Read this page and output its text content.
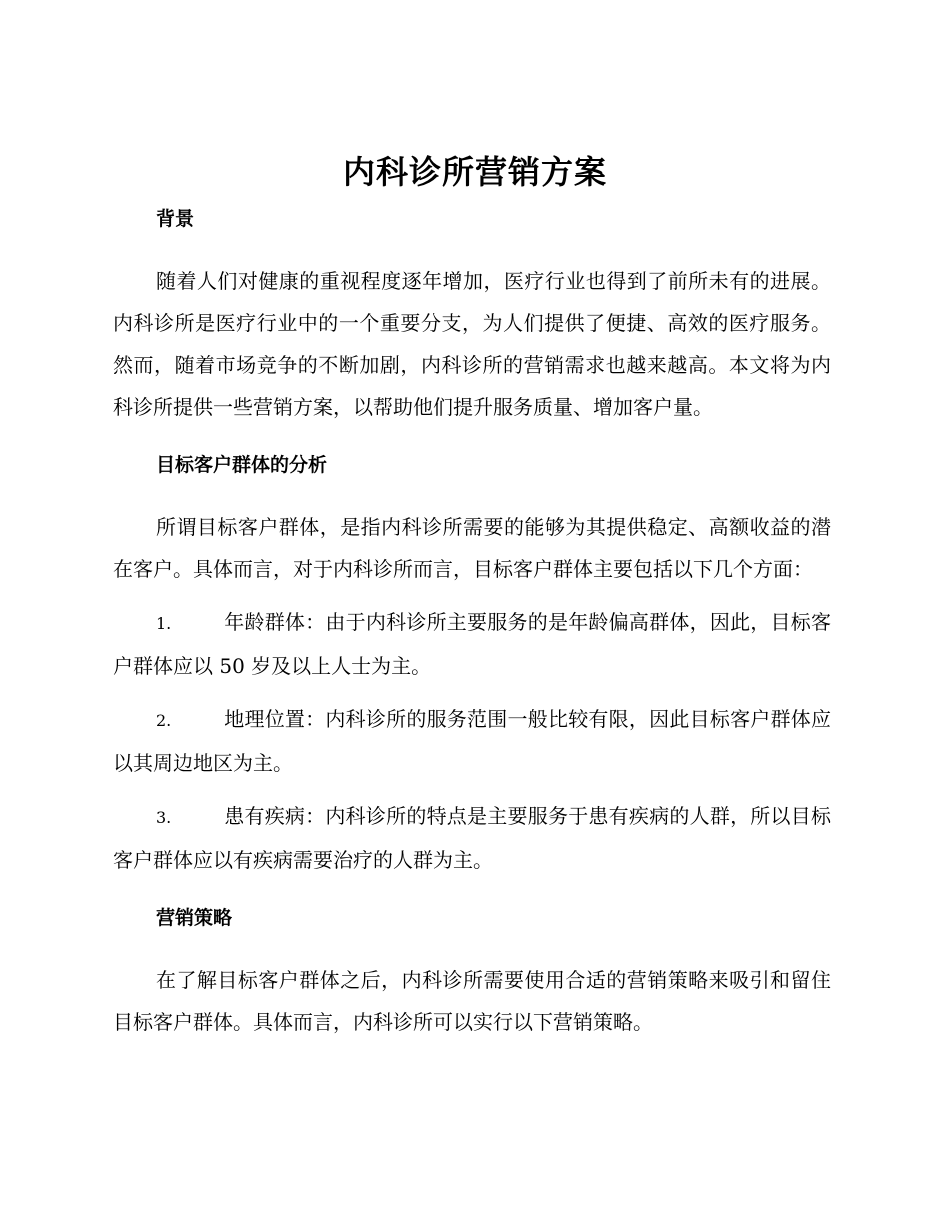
内科诊所营销方案
背景

随着人们对健康的重视程度逐年增加，医疗行业也得到了前所未有的进展。内科诊所是医疗行业中的一个重要分支，为人们提供了便捷、高效的医疗服务。然而，随着市场竞争的不断加剧，内科诊所的营销需求也越来越高。本文将为内科诊所提供一些营销方案，以帮助他们提升服务质量、增加客户量。

目标客户群体的分析

所谓目标客户群体，是指内科诊所需要的能够为其提供稳定、高额收益的潜在客户。具体而言，对于内科诊所而言，目标客户群体主要包括以下几个方面：

1.	年龄群体：由于内科诊所主要服务的是年龄偏高群体，因此，目标客户群体应以 50 岁及以上人士为主。

2.	地理位置：内科诊所的服务范围一般比较有限，因此目标客户群体应以其周边地区为主。

3.	患有疾病：内科诊所的特点是主要服务于患有疾病的人群，所以目标客户群体应以有疾病需要治疗的人群为主。

营销策略

在了解目标客户群体之后，内科诊所需要使用合适的营销策略来吸引和留住目标客户群体。具体而言，内科诊所可以实行以下营销策略。
